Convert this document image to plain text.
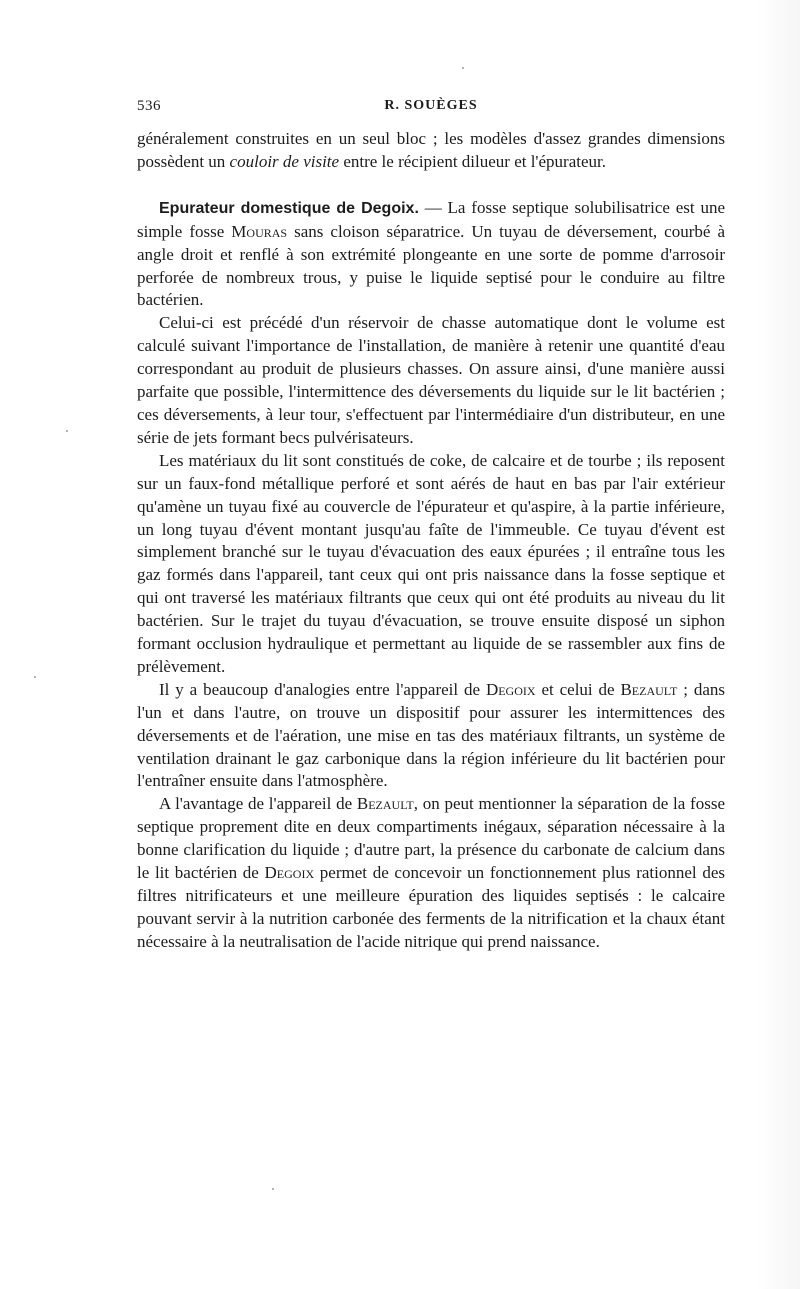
536	R. SOUÈGES

généralement construites en un seul bloc ; les modèles d'assez grandes dimensions possèdent un couloir de visite entre le récipient dilueur et l'épurateur.

Epurateur domestique de Degoix. — La fosse septique solubilisatrice est une simple fosse Mouras sans cloison séparatrice. Un tuyau de déversement, courbé à angle droit et renflé à son extrémité plongeante en une sorte de pomme d'arrosoir perforée de nombreux trous, y puise le liquide septisé pour le conduire au filtre bactérien.

Celui-ci est précédé d'un réservoir de chasse automatique dont le volume est calculé suivant l'importance de l'installation, de manière à retenir une quantité d'eau correspondant au produit de plusieurs chasses. On assure ainsi, d'une manière aussi parfaite que possible, l'intermittence des déversements du liquide sur le lit bactérien ; ces déversements, à leur tour, s'effectuent par l'intermédiaire d'un distributeur, en une série de jets formant becs pulvérisateurs.

Les matériaux du lit sont constitués de coke, de calcaire et de tourbe ; ils reposent sur un faux-fond métallique perforé et sont aérés de haut en bas par l'air extérieur qu'amène un tuyau fixé au couvercle de l'épurateur et qu'aspire, à la partie inférieure, un long tuyau d'évent montant jusqu'au faîte de l'immeuble. Ce tuyau d'évent est simplement branché sur le tuyau d'évacuation des eaux épurées ; il entraîne tous les gaz formés dans l'appareil, tant ceux qui ont pris naissance dans la fosse septique et qui ont traversé les matériaux filtrants que ceux qui ont été produits au niveau du lit bactérien. Sur le trajet du tuyau d'évacuation, se trouve ensuite disposé un siphon formant occlusion hydraulique et permettant au liquide de se rassembler aux fins de prélèvement.

Il y a beaucoup d'analogies entre l'appareil de Degoix et celui de Bezault ; dans l'un et dans l'autre, on trouve un dispositif pour assurer les intermittences des déversements et de l'aération, une mise en tas des matériaux filtrants, un système de ventilation drainant le gaz carbonique dans la région inférieure du lit bactérien pour l'entraîner ensuite dans l'atmosphère.

A l'avantage de l'appareil de Bezault, on peut mentionner la séparation de la fosse septique proprement dite en deux compartiments inégaux, séparation nécessaire à la bonne clarification du liquide ; d'autre part, la présence du carbonate de calcium dans le lit bactérien de Degoix permet de concevoir un fonctionnement plus rationnel des filtres nitrificateurs et une meilleure épuration des liquides septisés : le calcaire pouvant servir à la nutrition carbonée des ferments de la nitrification et la chaux étant nécessaire à la neutralisation de l'acide nitrique qui prend naissance.
